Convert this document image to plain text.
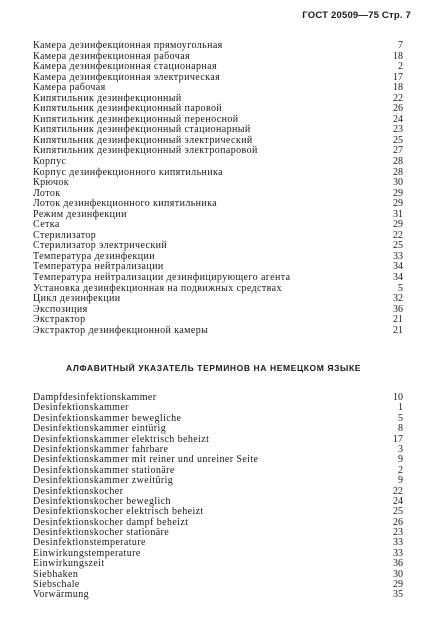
ГОСТ 20509—75 Стр. 7
Камера дезинфекционная прямоугольная	7
Камера дезинфекционная рабочая	18
Камера дезинфекционная стационарная	2
Камера дезинфекционная электрическая	17
Камера рабочая	18
Кипятильник дезинфекционный	22
Кипятильник дезинфекционный паровой	26
Кипятильник дезинфекционный переносной	24
Кипятильник дезинфекционный стационарный	23
Кипятильник дезинфекционный электрический	25
Кипятильник дезинфекционный электропаровой	27
Корпус	28
Корпус дезинфекционного кипятильника	28
Крючок	30
Лоток	29
Лоток дезинфекционного кипятильника	29
Режим дезинфекции	31
Сетка	29
Стерилизатор	22
Стерилизатор электрический	25
Температура дезинфекции	33
Температура нейтрализации	34
Температура нейтрализации дезинфицирующего агента	34
Установка дезинфекционная на подвижных средствах	5
Цикл дезинфекции	32
Экспозиция	36
Экстрактор	21
Экстрактор дезинфекционной камеры	21
АЛФАВИТНЫЙ УКАЗАТЕЛЬ ТЕРМИНОВ НА НЕМЕЦКОМ ЯЗЫКЕ
Dampfdesinfektionskammer	10
Desinfektionskammer	1
Desinfektionskammer bewegliche	5
Desinfektionskammer eintürig	8
Desinfektionskammer elektrisch beheizt	17
Desinfektionskammer fahrbare	3
Desinfektionskammer mit reiner und unreiner Seite	9
Desinfektionskammer stationäre	2
Desinfektionskammer zweitürig	9
Desinfektionskocher	22
Desinfektionskocher beweglich	24
Desinfektionskocher elektrisch beheizt	25
Desinfektionskocher dampf beheizt	26
Desinfektionskocher stationäre	23
Desinfektionstemperature	33
Einwirkungstemperature	33
Einwirkungszeit	36
Siebhaken	30
Siebschale	29
Vorwärmung	35
